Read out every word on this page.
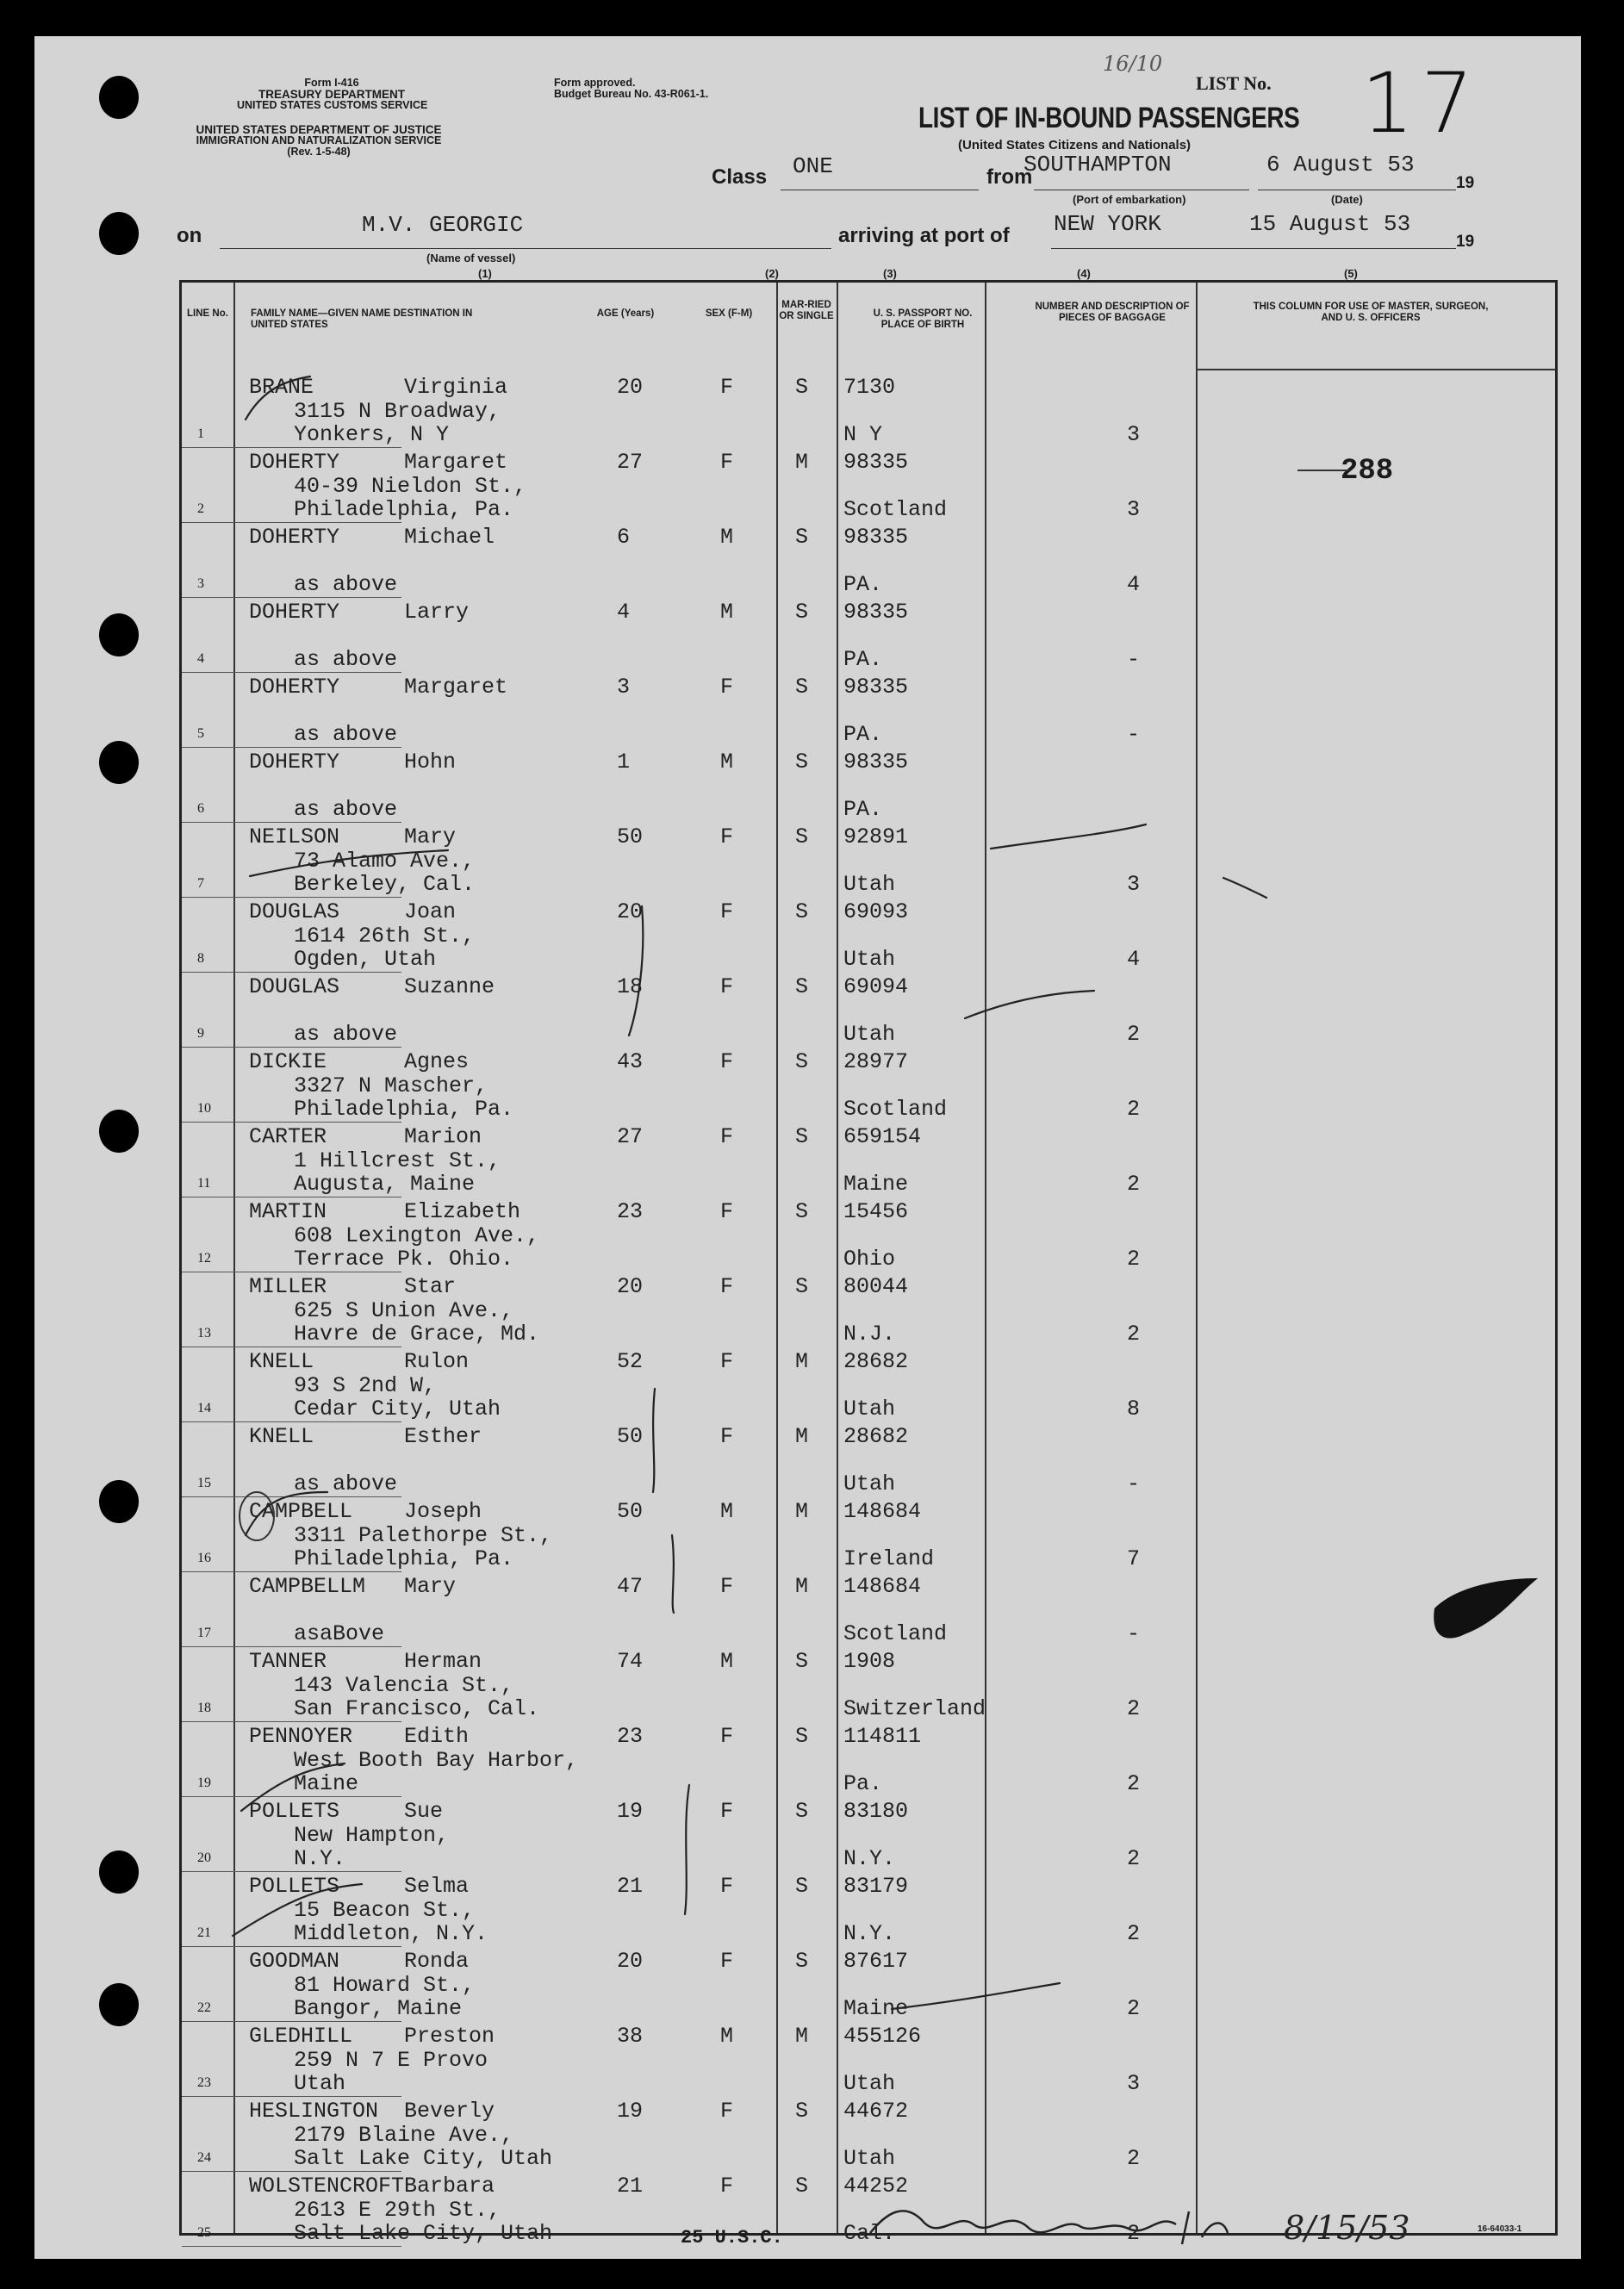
Form I-416
TREASURY DEPARTMENT
UNITED STATES CUSTOMS SERVICE
UNITED STATES DEPARTMENT OF JUSTICE
IMMIGRATION AND NATURALIZATION SERVICE
(Rev. 1-5-48)
Form approved.
Budget Bureau No. 43-R061-1.
16/10
LIST No. 17
LIST OF IN-BOUND PASSENGERS
(United States Citizens and Nationals)
Class ONE	from
SOUTHAMPTON
(Port of embarkation)
6 August 53
19
(Date)
on	M.V. GEORGIC
(Name of vessel)
arriving at port of NEW YORK	15 August 53
19
(1)	(2)	(3)	(4)	(5)
LINE No.	FAMILY NAME—GIVEN NAME DESTINATION IN UNITED STATES
AGE (Years)	SEX (F-M)
MAR-RIED OR SINGLE	U. S. PASSPORT NO. PLACE OF BIRTH
NUMBER AND DESCRIPTION OF PIECES OF BAGGAGE
THIS COLUMN FOR USE OF MASTER, SURGEON, AND U. S. OFFICERS
288
1
BRANE	Virginia
3115 N Broadway,
Yonkers, N Y
20	F	S 7130
N Y	3
2
DOHERTY	Margaret
40-39 Nieldon St.,
Philadelphia, Pa.
27	F	M 98335
Scotland	3
3
DOHERTY	Michael
as above
6	M	S 98335
PA.	4
4
DOHERTY	Larry
as above
4	M	S 98335
PA.	-
5
DOHERTY	Margaret
as above
3	F	S 98335
PA.	-
6
DOHERTY	Hohn
as above
1	M	S 98335
PA.
7
NEILSON	Mary
73 Alamo Ave.,
Berkeley, Cal.
50	F	S 92891
Utah	3
8
DOUGLAS	Joan
1614 26th St.,
Ogden, Utah
20	F	S 69093
Utah	4
9
DOUGLAS	Suzanne
as above
18	F	S 69094
Utah	2
10
DICKIE	Agnes
3327 N Mascher,
Philadelphia, Pa.
43	F	S 28977
Scotland	2
11
CARTER	Marion
1 Hillcrest St.,
Augusta, Maine
27	F	S 659154
Maine	2
12
MARTIN	Elizabeth
608 Lexington Ave.,
Terrace Pk. Ohio.
23	F	S 15456
Ohio	2
13
MILLER	Star
625 S Union Ave.,
Havre de Grace, Md.
20	F	S 80044
N.J.	2
14
KNELL	Rulon
93 S 2nd W,
Cedar City, Utah
52	F	M 28682
Utah	8
15
KNELL	Esther
as above
50	F	M 28682
Utah	-
16
CAMPBELL Joseph
3311 Palethorpe St.,
Philadelphia, Pa.
50	M	M 148684
Ireland	7
17
CAMPBELLM Mary
asaBove
47	F	M 148684
Scotland	-
18
TANNER	Herman
143 Valencia St.,
San Francisco, Cal.
74	M	S 1908
Switzerland	2
19
PENNOYER Edith
West Booth Bay Harbor,
Maine
23	F	S 114811
Pa.	2
20
POLLETS	Sue
New Hampton,
N.Y.
19	F	S 83180
N.Y.	2
21
POLLETS	Selma
15 Beacon St.,
Middleton, N.Y.
21	F	S 83179
N.Y.	2
22
GOODMAN	Ronda
81 Howard St.,
Bangor, Maine
20	F	S 87617
Maine	2
23
GLEDHILL Preston
259 N 7 E Provo
Utah
38	M	M 455126
Utah	3
24
HESLINGTON Beverly
2179 Blaine Ave.,
Salt Lake City, Utah
19	F	S 44672
Utah	2
25
WOLSTENCROFT Barbara
2613 E 29th St.,
Salt Lake City, Utah
21	F	S 44252
Cal.	2
25 U.S.C.	8/15/53	16-64033-1
